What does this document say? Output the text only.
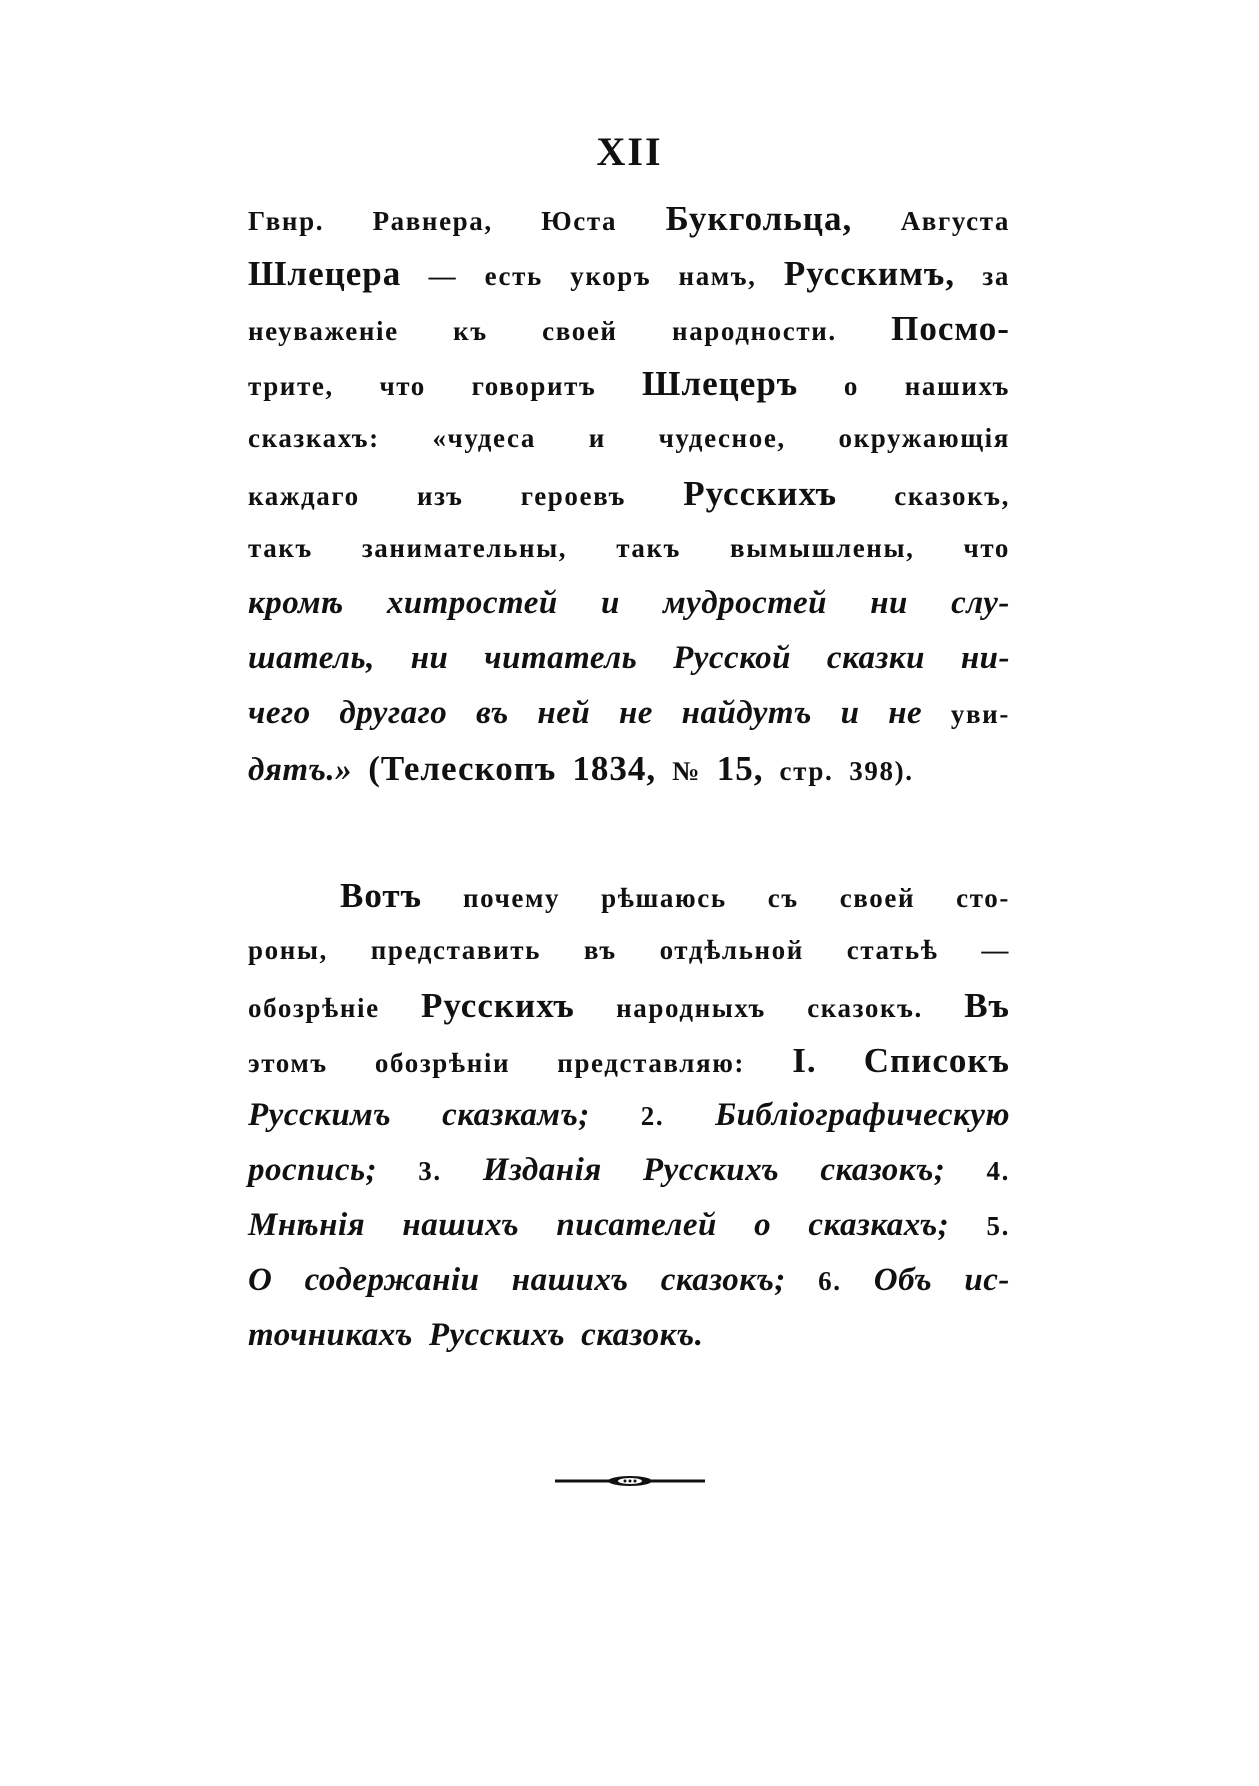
XII
Гвнр. Равнера, Юста Букгольца, Августа
Шлецера — есть укоръ намъ, Русскимъ, за
неуваженіе къ своей народности. Посмо-
трите, что говоритъ Шлецеръ о нашихъ
сказкахъ: «чудеса и чудесное, окружающія
каждаго изъ героевъ Русскихъ сказокъ,
такъ занимательны, такъ вымышлены, что
кромѣ хитростей и мудростей ни слу-
шатель, ни читатель Русской сказки ни-
чего другаго въ ней не найдутъ и не уви-
дятъ.» (Телескопъ 1834, № 15, стр. 398).
Вотъ почему рѣшаюсь съ своей сто-
роны, представить въ отдѣльной статьѣ —
обозрѣніе Русскихъ народныхъ сказокъ. Въ
этомъ обозрѣніи представляю: I. Списокъ
Русскимъ сказкамъ; 2. Библіографическую
роспись; 3. Изданія Русскихъ сказокъ; 4.
Мнѣнія нашихъ писателей о сказкахъ; 5.
О содержаніи нашихъ сказокъ; 6. Объ ис-
точникахъ Русскихъ сказокъ.
